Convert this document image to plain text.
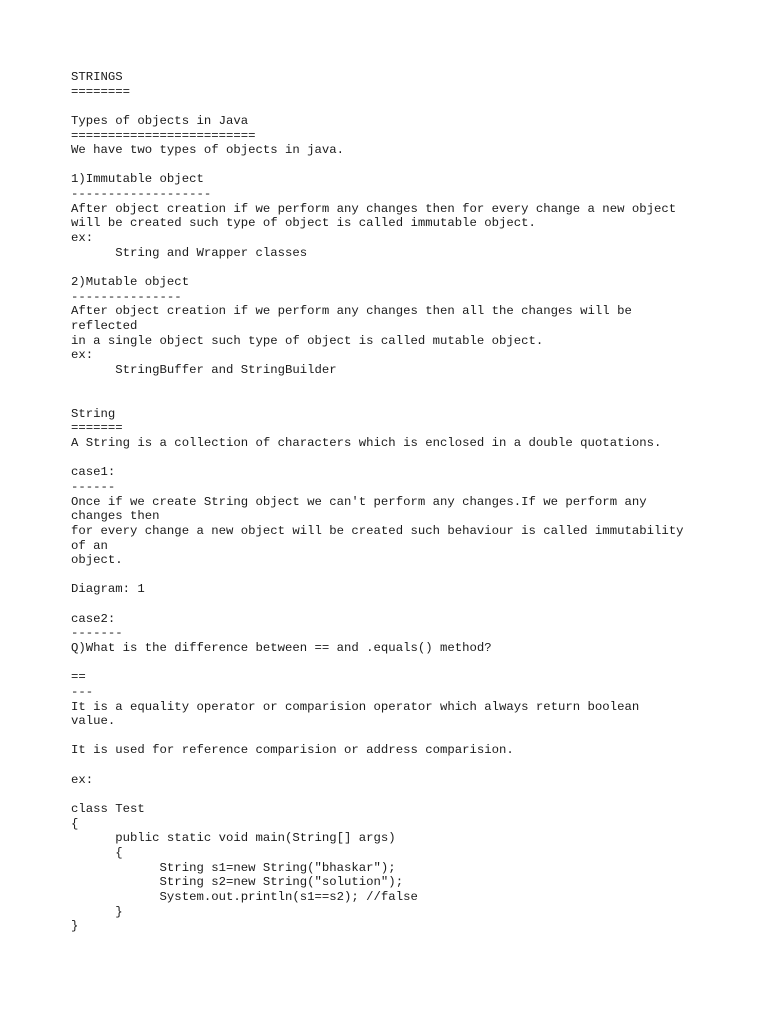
STRINGS
========
Types of objects in Java
=========================
We have two types of objects in java.
1)Immutable object
-------------------
After object creation if we perform any changes then for every change a new object
will be created such type of object is called immutable object.
ex:
String and Wrapper classes
2)Mutable object
---------------
After object creation if we perform any changes then all the changes will be
reflected
in a single object such type of object is called mutable object.
ex:
StringBuffer and StringBuilder
String
=======
A String is a collection of characters which is enclosed in a double quotations.
case1:
------
Once if we create String object we can't perform any changes.If we perform any
changes then
for every change a new object will be created such behaviour is called immutability
of an
object.
Diagram: 1
case2:
-------
Q)What is the difference between == and .equals() method?
==
---
It is a equality operator or comparision operator which always return boolean
value.
It is used for reference comparision or address comparision.
ex:
class Test
{
public static void main(String[] args)
{
String s1=new String("bhaskar");
String s2=new String("solution");
System.out.println(s1==s2); //false
}
}
